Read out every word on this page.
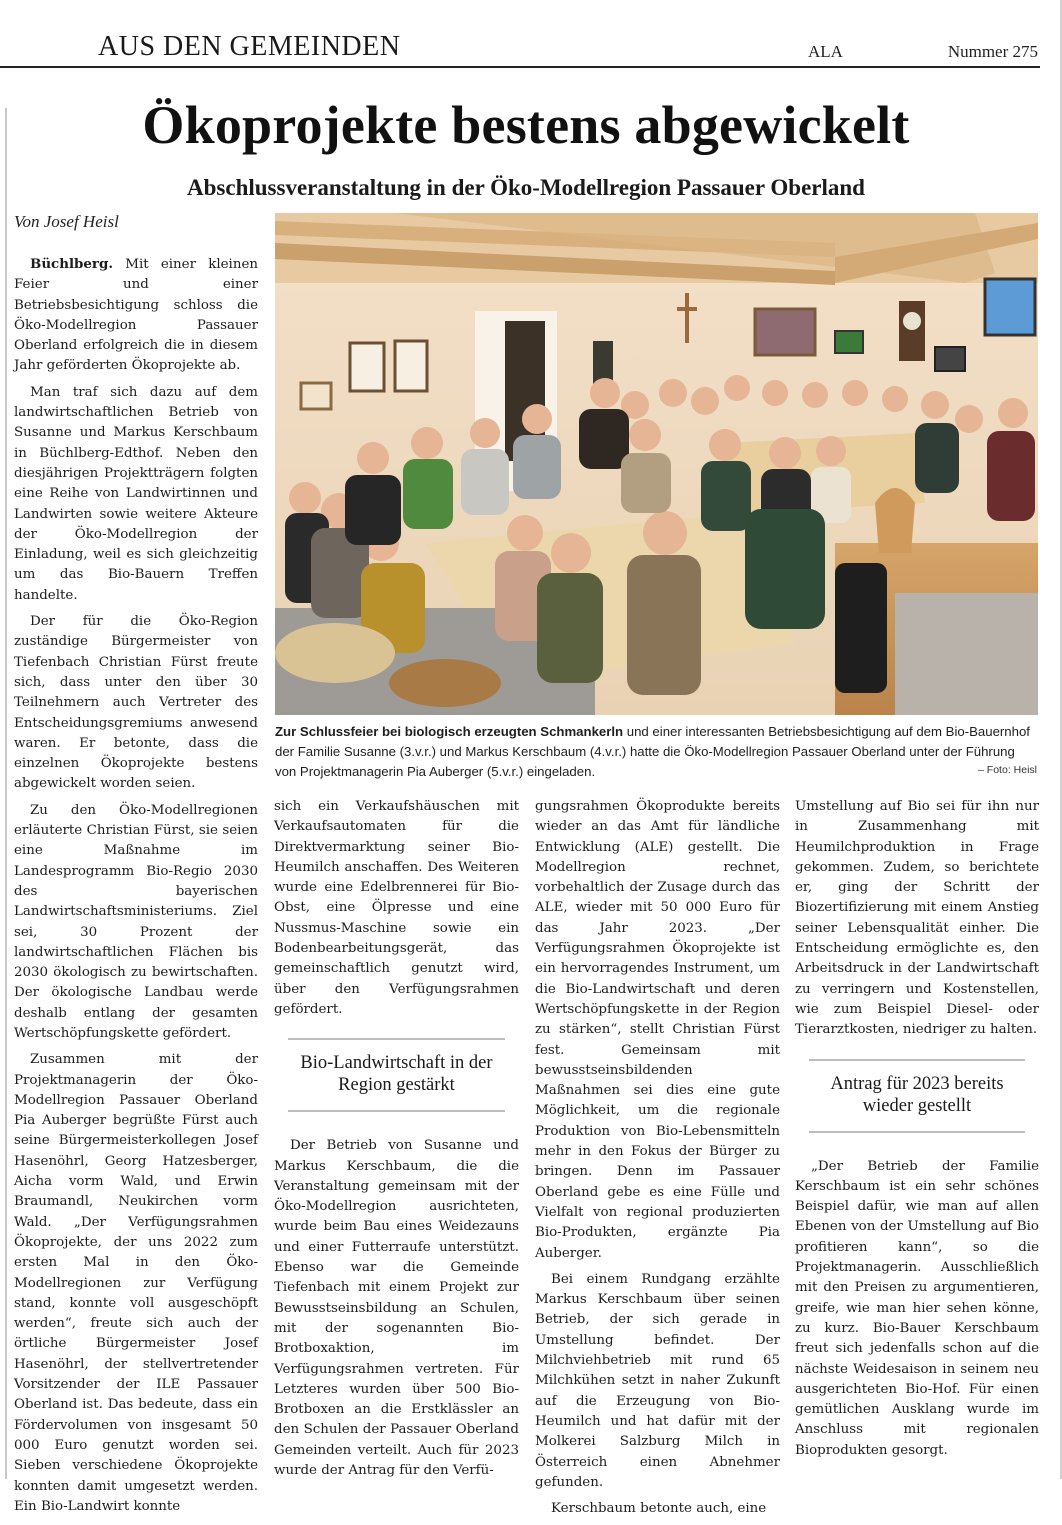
AUS DEN GEMEINDEN	ALA	Nummer 275
Ökoprojekte bestens abgewickelt
Abschlussveranstaltung in der Öko-Modellregion Passauer Oberland
Von Josef Heisl

Büchlberg. Mit einer kleinen Feier und einer Betriebsbesichtigung schloss die Öko-Modellregion Passauer Oberland erfolgreich die in diesem Jahr geförderten Ökoprojekte ab.

Man traf sich dazu auf dem landwirtschaftlichen Betrieb von Susanne und Markus Kerschbaum in Büchlberg-Edthof. Neben den diesjährigen Projektträgern folgten eine Reihe von Landwirtinnen und Landwirten sowie weitere Akteure der Öko-Modellregion der Einladung, weil es sich gleichzeitig um das Bio-Bauern Treffen handelte.

Der für die Öko-Region zuständige Bürgermeister von Tiefenbach Christian Fürst freute sich, dass unter den über 30 Teilnehmern auch Vertreter des Entscheidungsgremiums anwesend waren. Er betonte, dass die einzelnen Ökoprojekte bestens abgewickelt worden seien.

Zu den Öko-Modellregionen erläuterte Christian Fürst, sie seien eine Maßnahme im Landesprogramm Bio-Regio 2030 des bayerischen Landwirtschaftsministeriums. Ziel sei, 30 Prozent der landwirtschaftlichen Flächen bis 2030 ökologisch zu bewirtschaften. Der ökologische Landbau werde deshalb entlang der gesamten Wertschöpfungskette gefördert.

Zusammen mit der Projektmanagerin der Öko-Modellregion Passauer Oberland Pia Auberger begrüßte Fürst auch seine Bürgermeisterkollegen Josef Hasenöhrl, Georg Hatzesberger, Aicha vorm Wald, und Erwin Braumandl, Neukirchen vorm Wald. „Der Verfügungsrahmen Ökoprojekte, der uns 2022 zum ersten Mal in den Öko-Modellregionen zur Verfügung stand, konnte voll ausgeschöpft werden“, freute sich auch der örtliche Bürgermeister Josef Hasenöhrl, der stellvertretender Vorsitzender der ILE Passauer Oberland ist. Das bedeute, dass ein Fördervolumen von insgesamt 50 000 Euro genutzt worden sei. Sieben verschiedene Ökoprojekte konnten damit umgesetzt werden. Ein Bio-Landwirt konnte

Zur Schlussfeier bei biologisch erzeugten Schmankerln und einer interessanten Betriebsbesichtigung auf dem Bio-Bauernhof der Familie Susanne (3.v.r.) und Markus Kerschbaum (4.v.r.) hatte die Öko-Modellregion Passauer Oberland unter der Führung von Projektmanagerin Pia Auberger (5.v.r.) eingeladen.	– Foto: Heisl

sich ein Verkaufshäuschen mit Verkaufsautomaten für die Direktvermarktung seiner Bio-Heumilch anschaffen. Des Weiteren wurde eine Edelbrennerei für Bio-Obst, eine Ölpresse und eine Nussmus-Maschine sowie ein Bodenbearbeitungsgerät, das gemeinschaftlich genutzt wird, über den Verfügungsrahmen gefördert.

Bio-Landwirtschaft in der Region gestärkt

Der Betrieb von Susanne und Markus Kerschbaum, die die Veranstaltung gemeinsam mit der Öko-Modellregion ausrichteten, wurde beim Bau eines Weidezauns und einer Futterraufe unterstützt. Ebenso war die Gemeinde Tiefenbach mit einem Projekt zur Bewusstseinsbildung an Schulen, mit der sogenannten Bio-Brotboxaktion, im Verfügungsrahmen vertreten. Für Letzteres wurden über 500 Bio-Brotboxen an die Erstklässler an den Schulen der Passauer Oberland Gemeinden verteilt. Auch für 2023 wurde der Antrag für den Verfü-

gungsrahmen Ökoprodukte bereits wieder an das Amt für ländliche Entwicklung (ALE) gestellt. Die Modellregion rechnet, vorbehaltlich der Zusage durch das ALE, wieder mit 50 000 Euro für das Jahr 2023. „Der Verfügungsrahmen Ökoprojekte ist ein hervorragendes Instrument, um die Bio-Landwirtschaft und deren Wertschöpfungskette in der Region zu stärken“, stellt Christian Fürst fest. Gemeinsam mit bewusstseinsbildenden Maßnahmen sei dies eine gute Möglichkeit, um die regionale Produktion von Bio-Lebensmitteln mehr in den Fokus der Bürger zu bringen. Denn im Passauer Oberland gebe es eine Fülle und Vielfalt von regional produzierten Bio-Produkten, ergänzte Pia Auberger.

Bei einem Rundgang erzählte Markus Kerschbaum über seinen Betrieb, der sich gerade in Umstellung befindet. Der Milchviehbetrieb mit rund 65 Milchkühen setzt in naher Zukunft auf die Erzeugung von Bio-Heumilch und hat dafür mit der Molkerei Salzburg Milch in Österreich einen Abnehmer gefunden.

Kerschbaum betonte auch, eine

Umstellung auf Bio sei für ihn nur in Zusammenhang mit Heumilchproduktion in Frage gekommen. Zudem, so berichtete er, ging der Schritt der Biozertifizierung mit einem Anstieg seiner Lebensqualität einher. Die Entscheidung ermöglichte es, den Arbeitsdruck in der Landwirtschaft zu verringern und Kostenstellen, wie zum Beispiel Diesel- oder Tierarztkosten, niedriger zu halten.

Antrag für 2023 bereits wieder gestellt

„Der Betrieb der Familie Kerschbaum ist ein sehr schönes Beispiel dafür, wie man auf allen Ebenen von der Umstellung auf Bio profitieren kann“, so die Projektmanagerin. Ausschließlich mit den Preisen zu argumentieren, greife, wie man hier sehen könne, zu kurz. Bio-Bauer Kerschbaum freut sich jedenfalls schon auf die nächste Weidesaison in seinem neu ausgerichteten Bio-Hof. Für einen gemütlichen Ausklang wurde im Anschluss mit regionalen Bioprodukten gesorgt.
